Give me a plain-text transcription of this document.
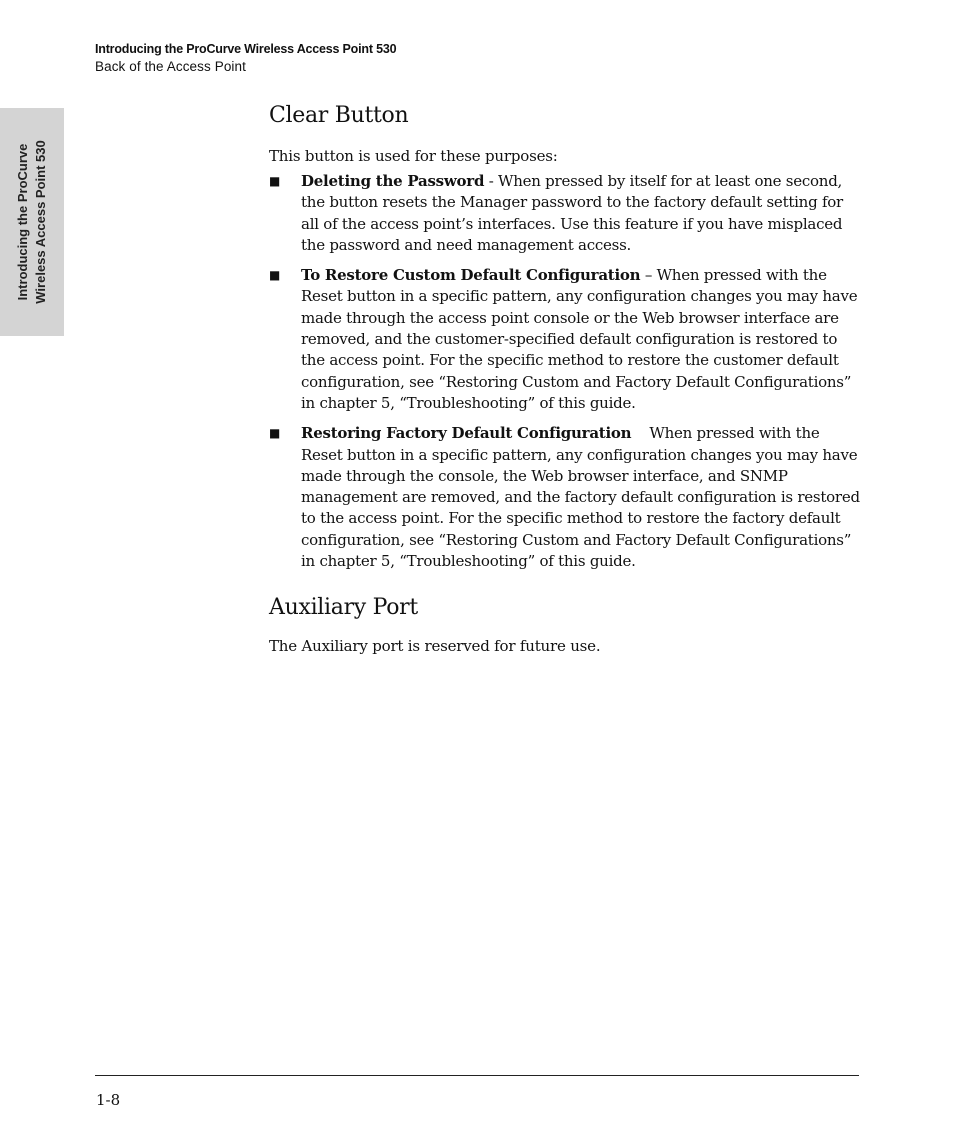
Introducing the ProCurve Wireless Access Point 530
Back of the Access Point
Introducing the ProCurve Wireless Access Point 530
Clear Button

This button is used for these purposes:

■ Deleting the Password - When pressed by itself for at least one second, the button resets the Manager password to the factory default setting for all of the access point’s interfaces. Use this feature if you have misplaced the password and need management access.
■ To Restore Custom Default Configuration – When pressed with the Reset button in a specific pattern, any configuration changes you may have made through the access point console or the Web browser interface are removed, and the customer-specified default configuration is restored to the access point. For the specific method to restore the customer default configuration, see “Restoring Custom and Factory Default Configurations” in chapter 5, “Troubleshooting” of this guide.
■ Restoring Factory Default Configuration    When pressed with the Reset button in a specific pattern, any configuration changes you may have made through the console, the Web browser interface, and SNMP management are removed, and the factory default configuration is restored to the access point. For the specific method to restore the factory default configuration, see “Restoring Custom and Factory Default Configurations” in chapter 5, “Troubleshooting” of this guide.
Auxiliary Port

The Auxiliary port is reserved for future use.

1-8
